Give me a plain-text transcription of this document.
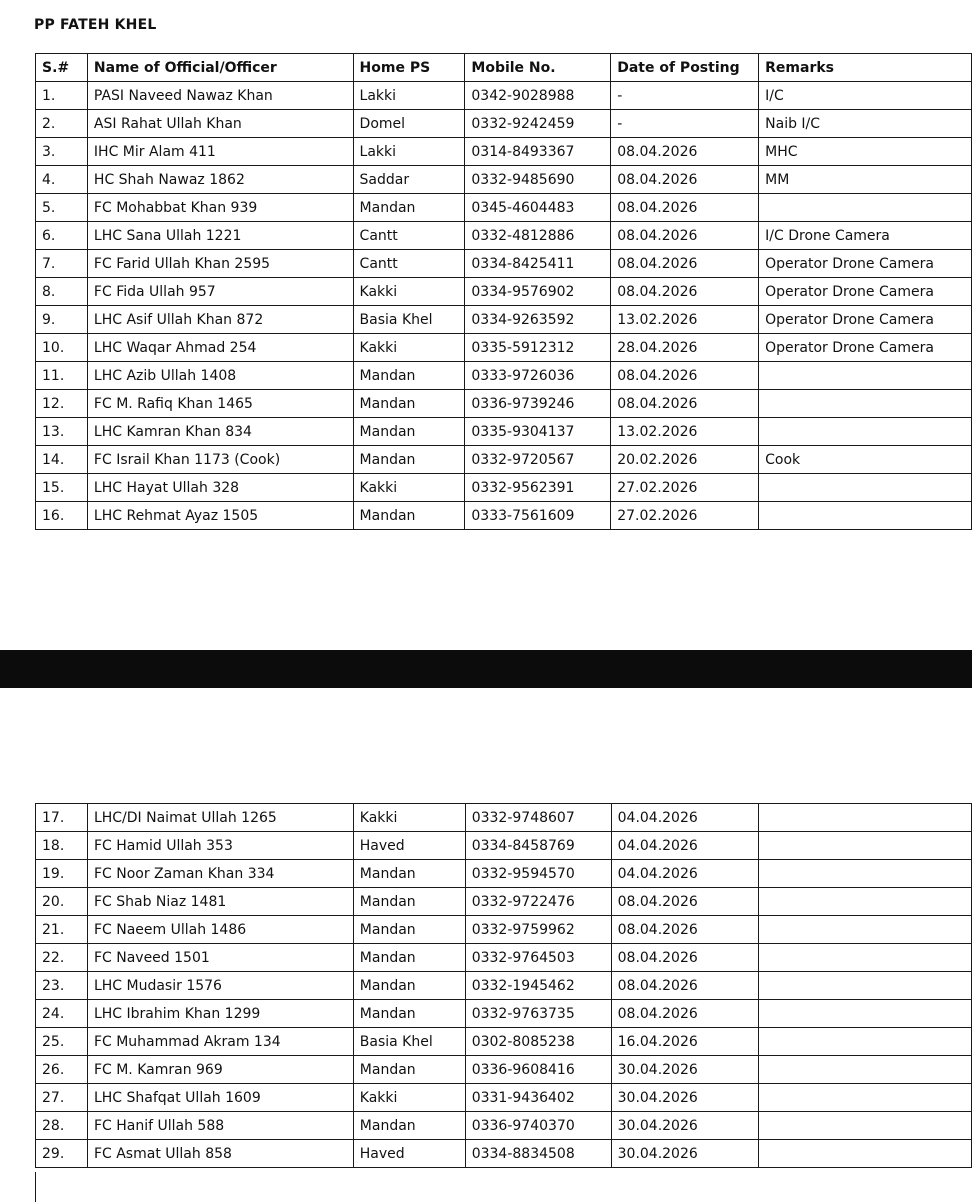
PP FATEH KHEL
S.#	Name of Official/Officer	Home PS	Mobile No.	Date of Posting	Remarks
1.	PASI Naveed Nawaz Khan	Lakki	0342-9028988	-	I/C
2.	ASI Rahat Ullah Khan	Domel	0332-9242459	-	Naib I/C
3.	IHC Mir Alam 411	Lakki	0314-8493367	08.04.2026	MHC
4.	HC Shah Nawaz 1862	Saddar	0332-9485690	08.04.2026	MM
5.	FC Mohabbat Khan 939	Mandan	0345-4604483	08.04.2026	
6.	LHC Sana Ullah 1221	Cantt	0332-4812886	08.04.2026	I/C Drone Camera
7.	FC Farid Ullah Khan 2595	Cantt	0334-8425411	08.04.2026	Operator Drone Camera
8.	FC Fida Ullah 957	Kakki	0334-9576902	08.04.2026	Operator Drone Camera
9.	LHC Asif Ullah Khan 872	Basia Khel	0334-9263592	13.02.2026	Operator Drone Camera
10.	LHC Waqar Ahmad 254	Kakki	0335-5912312	28.04.2026	Operator Drone Camera
11.	LHC Azib Ullah 1408	Mandan	0333-9726036	08.04.2026	
12.	FC M. Rafiq Khan 1465	Mandan	0336-9739246	08.04.2026	
13.	LHC Kamran Khan 834	Mandan	0335-9304137	13.02.2026	
14.	FC Israil Khan 1173 (Cook)	Mandan	0332-9720567	20.02.2026	Cook
15.	LHC Hayat Ullah 328	Kakki	0332-9562391	27.02.2026	
16.	LHC Rehmat Ayaz 1505	Mandan	0333-7561609	27.02.2026	
17.	LHC/DI Naimat Ullah 1265	Kakki	0332-9748607	04.04.2026	
18.	FC Hamid Ullah 353	Haved	0334-8458769	04.04.2026	
19.	FC Noor Zaman Khan 334	Mandan	0332-9594570	04.04.2026	
20.	FC Shab Niaz 1481	Mandan	0332-9722476	08.04.2026	
21.	FC Naeem Ullah 1486	Mandan	0332-9759962	08.04.2026	
22.	FC Naveed 1501	Mandan	0332-9764503	08.04.2026	
23.	LHC Mudasir 1576	Mandan	0332-1945462	08.04.2026	
24.	LHC Ibrahim Khan 1299	Mandan	0332-9763735	08.04.2026	
25.	FC Muhammad Akram 134	Basia Khel	0302-8085238	16.04.2026	
26.	FC M. Kamran 969	Mandan	0336-9608416	30.04.2026	
27.	LHC Shafqat Ullah 1609	Kakki	0331-9436402	30.04.2026	
28.	FC Hanif Ullah 588	Mandan	0336-9740370	30.04.2026	
29.	FC Asmat Ullah 858	Haved	0334-8834508	30.04.2026	
